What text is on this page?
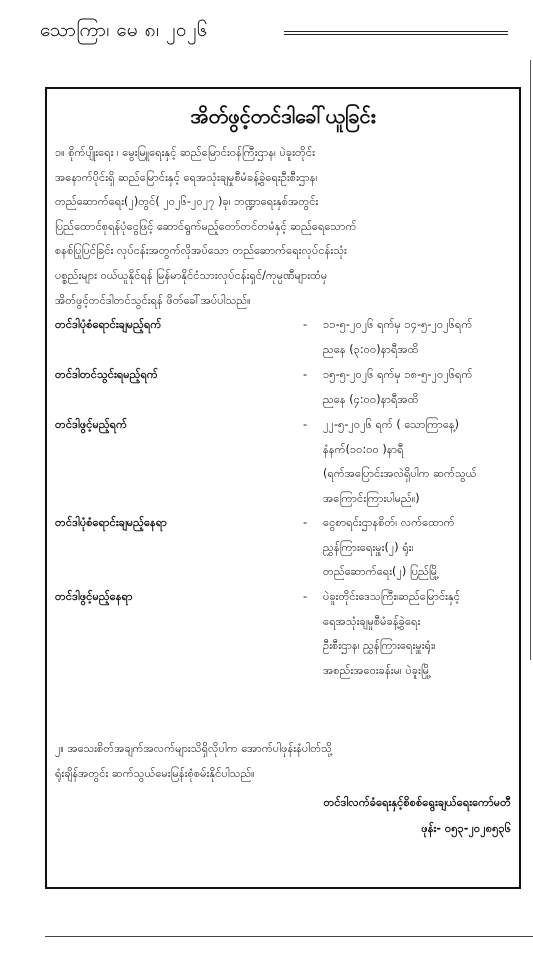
သောကြာ၊ မေ ၈၊ ၂၀၂၆
အိတ်ဖွင့်တင်ဒါခေါ်ယူခြင်း
၁။ စိုက်ပျိုးရေး ၊ မွေးမြူရေးနှင့် ဆည်မြောင်းဝန်ကြီးဌာန၊ ပဲခူးတိုင်း
အနောက်ပိုင်းရှိ ဆည်မြောင်းနှင့် ရေအသုံးချမှုစီမံခန့်ခွဲရေးဦးစီးဌာန၊
တည်ဆောက်ရေး(၂)တွင်( ၂၀၂၆-၂၀၂၇ )ခု၊ ဘဏ္ဍာရေးနှစ်အတွင်း
ပြည်ထောင်စုရန်ပုံငွေဖြင့် ဆောင်ရွက်မည့်တော်တင်တမံနှင့် ဆည်ရေသောက်
စနစ်ပြုပြင်ခြင်း လုပ်ငန်းအတွက်လိုအပ်သော တည်ဆောက်ရေးလုပ်ငန်းသုံး
ပစ္စည်းများ ဝယ်ယူနိုင်ရန် မြန်မာနိုင်ငံသားလုပ်ငန်းရှင်/ကုမ္ပဏီများထံမှ
အိတ်ဖွင့်တင်ဒါတင်သွင်းရန် ဖိတ်ခေါ်အပ်ပါသည်။
တင်ဒါပုံစံရောင်းချမည့်ရက်	- ၁၁-၅-၂၀၂၆ ရက်မှ ၁၄-၅-၂၀၂၆ရက်
ညနေ (၃:၀၀)နာရီအထိ
တင်ဒါတင်သွင်းရမည့်ရက်	- ၁၅-၅-၂၀၂၆ ရက်မှ ၁၈-၅-၂၀၂၆ရက်
ညနေ (၄:၀၀)နာရီအထိ
တင်ဒါဖွင့်မည့်ရက်	- ၂၂-၅-၂၀၂၆ ရက် ( သောကြာနေ့)
နံနက်(၁၀:၀၀ )နာရီ
(ရက်အပြောင်းအလဲရှိပါက ဆက်သွယ်
အကြောင်းကြားပါမည်။)
တင်ဒါပုံစံရောင်းချမည့်နေရာ	- ငွေစာရင်းဌာနစိတ်၊ လက်ထောက်
ညွှန်ကြားရေးမှူး(၂) ရုံး၊
တည်ဆောက်ရေး(၂) ပြည်မြို့
တင်ဒါဖွင့်မည့်နေရာ	- ပဲခူးတိုင်းဒေသကြီး၊ဆည်မြောင်းနှင့်
ရေအသုံးချမှုစီမံခန့်ခွဲရေး
ဦးစီးဌာန၊ ညွှန်ကြားရေးမှူးရုံး၊
အစည်းအဝေးခန်းမ၊ ပဲခူးမြို့
၂။ အသေးစိတ်အချက်အလက်များသိရှိလိုပါက အောက်ပါဖုန်းနံပါတ်သို့
ရုံးချိန်အတွင်း ဆက်သွယ်မေးမြန်းစုံစမ်းနိုင်ပါသည်။
တင်ဒါလက်ခံရေးနှင့်စိစစ်ရွေးချယ်ရေးကော်မတီ
ဖုန်း- ၀၅၃-၂၀၂၈၅၃၆
